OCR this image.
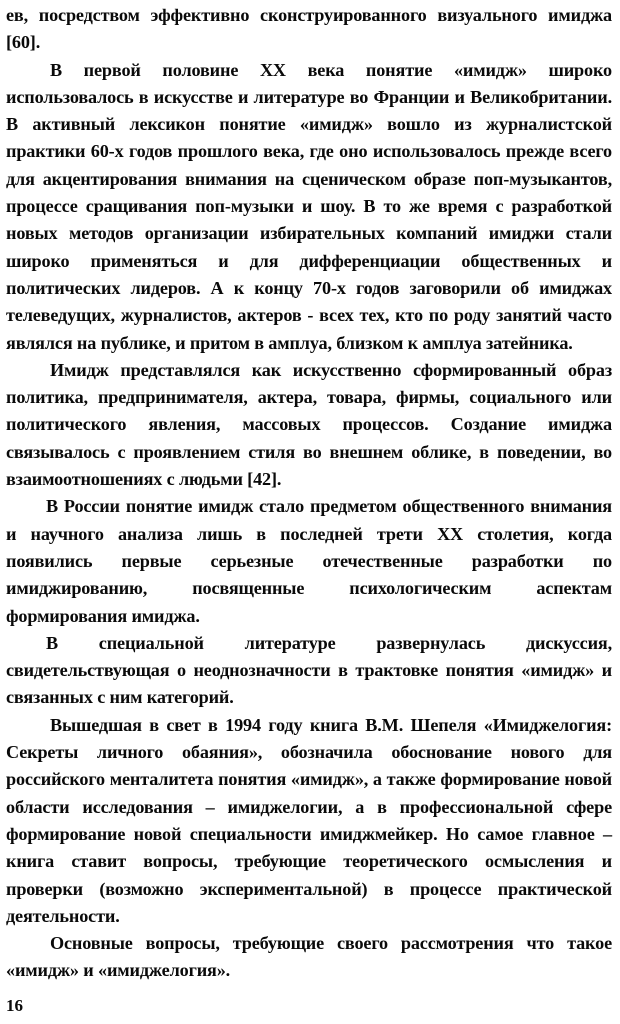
ев, посредством эффективно сконструированного визуального имиджа [60].

В первой половине XX века понятие «имидж» широко использовалось в искусстве и литературе во Франции и Великобритании. В активный лексикон понятие «имидж» вошло из журналистской практики 60-х годов прошлого века, где оно использовалось прежде всего для акцентирования внимания на сценическом образе поп-музыкантов, процессе сращивания поп-музыки и шоу. В то же время с разработкой новых методов организации избирательных компаний имиджи стали широко применяться и для дифференциации общественных и политических лидеров. А к концу 70-х годов заговорили об имиджах телеведущих, журналистов, актеров - всех тех, кто по роду занятий часто являлся на публике, и притом в амплуа, близком к амплуа затейника.

Имидж представлялся как искусственно сформированный образ политика, предпринимателя, актера, товара, фирмы, социального или политического явления, массовых процессов. Создание имиджа связывалось с проявлением стиля во внешнем облике, в поведении, во взаимоотношениях с людьми [42].

В России понятие имидж стало предметом общественного внимания и научного анализа лишь в последней трети XX столетия, когда появились первые серьезные отечественные разработки по имиджированию, посвященные психологическим аспектам формирования имиджа.

В специальной литературе развернулась дискуссия, свидетельствующая о неоднозначности в трактовке понятия «имидж» и связанных с ним категорий.

Вышедшая в свет в 1994 году книга В.М. Шепеля «Имиджелогия: Секреты личного обаяния», обозначила обоснование нового для российского менталитета понятия «имидж», а также формирование новой области исследования – имиджелогии, а в профессиональной сфере формирование новой специальности имиджмейкер. Но самое главное – книга ставит вопросы, требующие теоретического осмысления и проверки (возможно экспериментальной) в процессе практической деятельности.

Основные вопросы, требующие своего рассмотрения что такое «имидж» и «имиджелогия».

16
